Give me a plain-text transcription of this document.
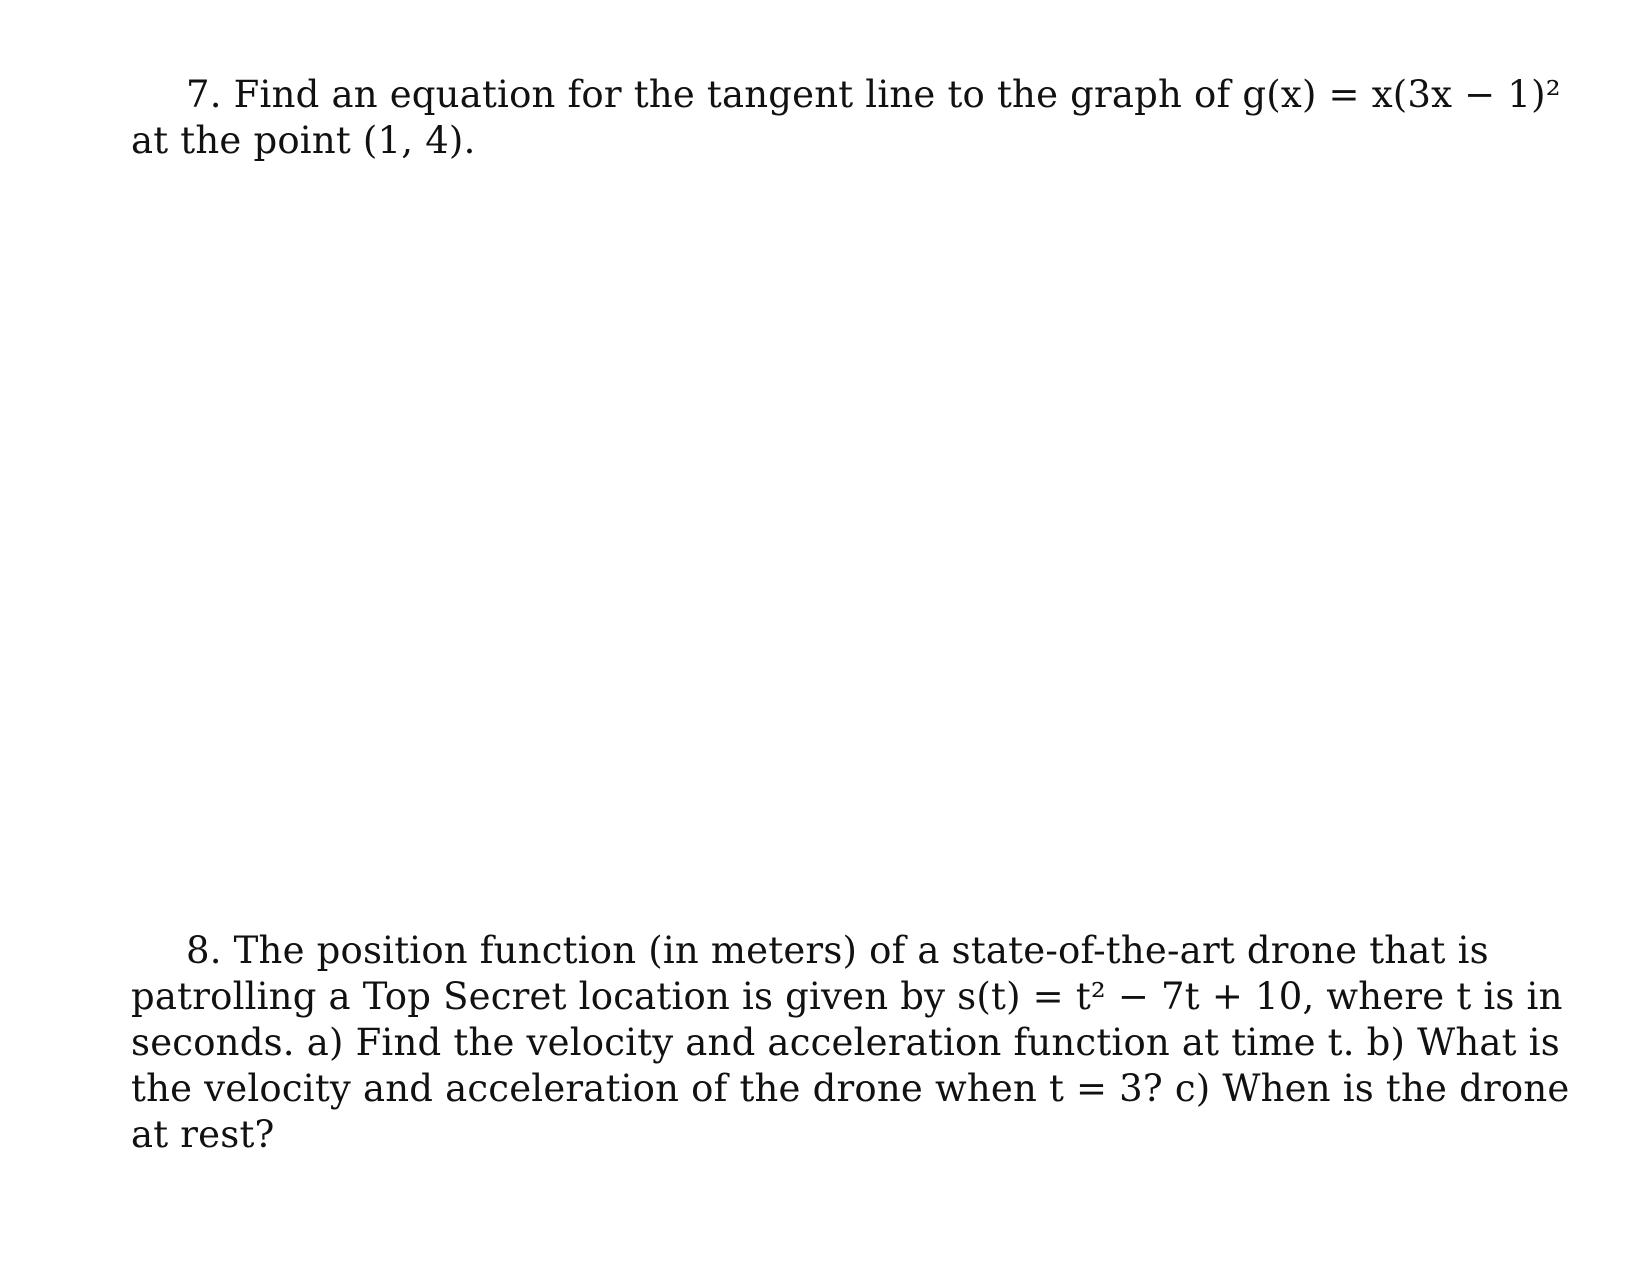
7. Find an equation for the tangent line to the graph of g(x) = x(3x − 1)²
at the point (1, 4).
8. The position function (in meters) of a state-of-the-art drone that is
patrolling a Top Secret location is given by s(t) = t² − 7t + 10, where t is in
seconds. a) Find the velocity and acceleration function at time t. b) What is
the velocity and acceleration of the drone when t = 3? c) When is the drone
at rest?
